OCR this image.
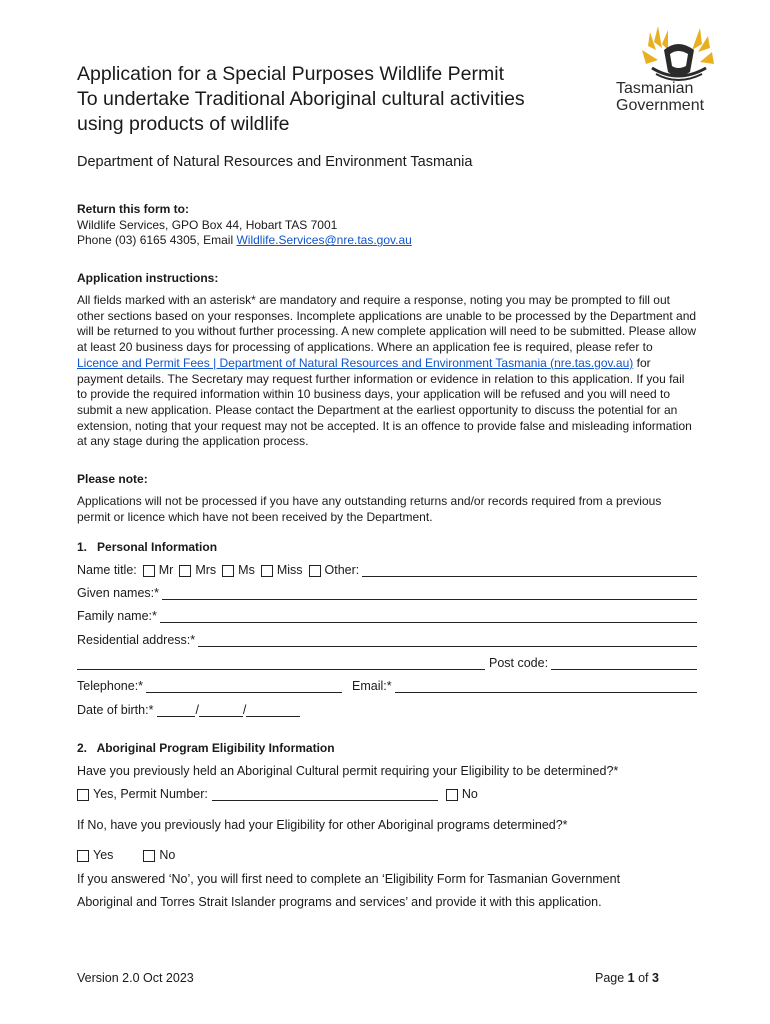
Application for a Special Purposes Wildlife Permit
To undertake Traditional Aboriginal cultural activities
using products of wildlife
Tasmanian
Government
Department of Natural Resources and Environment Tasmania
Return this form to:
Wildlife Services, GPO Box 44, Hobart TAS 7001
Phone (03) 6165 4305, Email Wildlife.Services@nre.tas.gov.au
Application instructions:
All fields marked with an asterisk* are mandatory and require a response, noting you may be prompted to fill out other sections based on your responses. Incomplete applications are unable to be processed by the Department and will be returned to you without further processing. A new complete application will need to be submitted. Please allow at least 20 business days for processing of applications. Where an application fee is required, please refer to Licence and Permit Fees | Department of Natural Resources and Environment Tasmania (nre.tas.gov.au) for payment details. The Secretary may request further information or evidence in relation to this application. If you fail to provide the required information within 10 business days, your application will be refused and you will need to submit a new application. Please contact the Department at the earliest opportunity to discuss the potential for an extension, noting that your request may not be accepted. It is an offence to provide false and misleading information at any stage during the application process.
Please note:
Applications will not be processed if you have any outstanding returns and/or records required from a previous permit or licence which have not been received by the Department.
1.   Personal Information
Name title: Mr Mrs Ms Miss Other:
Given names:*
Family name:*
Residential address:*
Post code:
Telephone:*	Email:*
Date of birth:*	/	/
2.   Aboriginal Program Eligibility Information
Have you previously held an Aboriginal Cultural permit requiring your Eligibility to be determined?*
Yes, Permit Number:	No
If No, have you previously had your Eligibility for other Aboriginal programs determined?*
Yes	No
If you answered ‘No’, you will first need to complete an ‘Eligibility Form for Tasmanian Government
Aboriginal and Torres Strait Islander programs and services’ and provide it with this application.
Version 2.0 Oct 2023	Page 1 of 3
